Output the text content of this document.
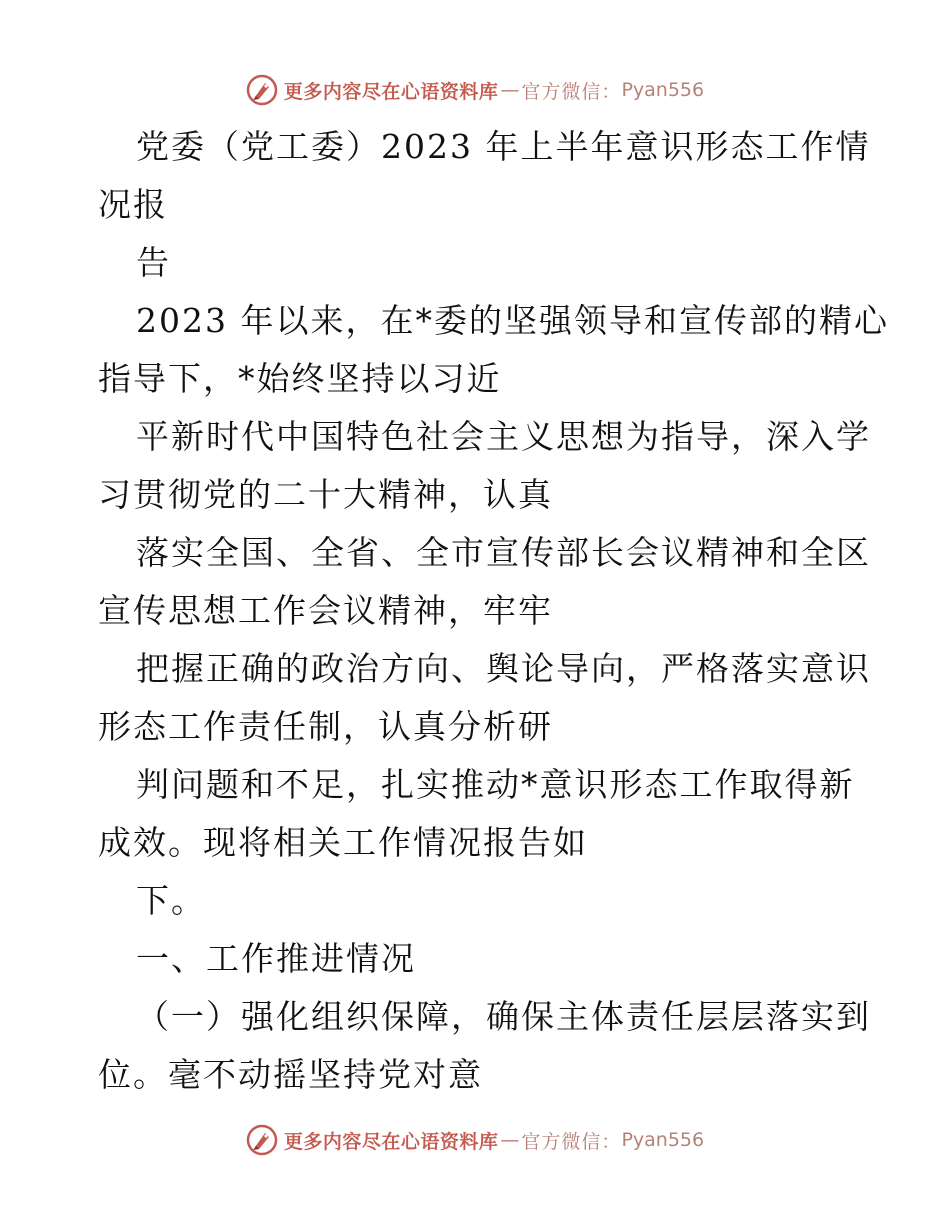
更多内容尽在心语资料库 — 官方微信： Pyan556
党委（党工委）2023 年上半年意识形态工作情
况报
告
2023 年以来，在*委的坚强领导和宣传部的精心
指导下，*始终坚持以习近
平新时代中国特色社会主义思想为指导，深入学
习贯彻党的二十大精神，认真
落实全国、全省、全市宣传部长会议精神和全区
宣传思想工作会议精神，牢牢
把握正确的政治方向、舆论导向，严格落实意识
形态工作责任制，认真分析研
判问题和不足，扎实推动*意识形态工作取得新
成效。现将相关工作情况报告如
下。
一、工作推进情况
（一）强化组织保障，确保主体责任层层落实到
位。毫不动摇坚持党对意
更多内容尽在心语资料库 — 官方微信： Pyan556
